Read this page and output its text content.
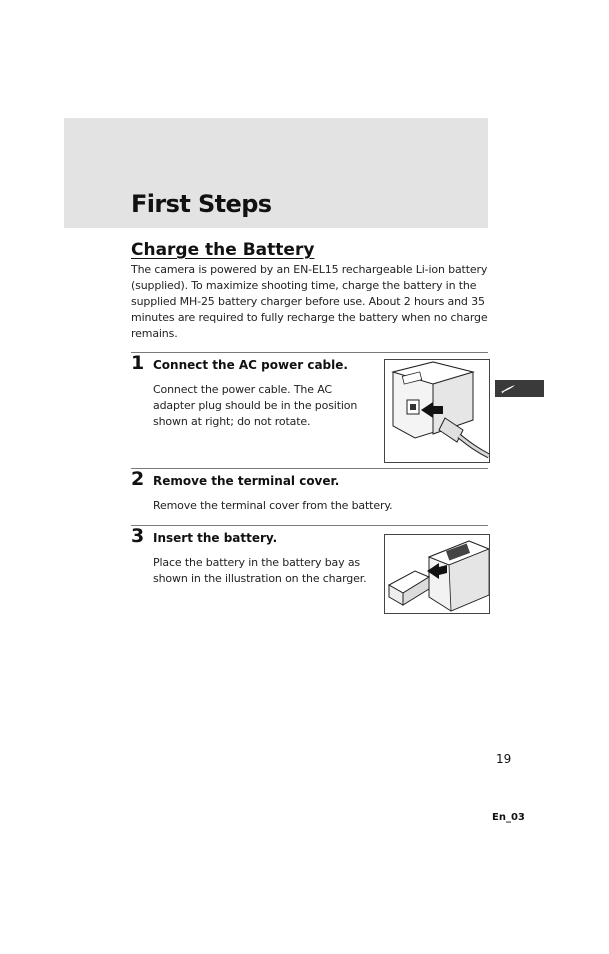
First Steps
Charge the Battery
The camera is powered by an EN-EL15 rechargeable Li-ion battery
(supplied). To maximize shooting time, charge the battery in the
supplied MH-25 battery charger before use. About 2 hours and 35
minutes are required to fully recharge the battery when no charge
remains.
1 Connect the AC power cable.
Connect the power cable. The AC
adapter plug should be in the position
shown at right; do not rotate.
2 Remove the terminal cover.
Remove the terminal cover from the battery.
3 Insert the battery.
Place the battery in the battery bay as
shown in the illustration on the charger.
19
En_03
